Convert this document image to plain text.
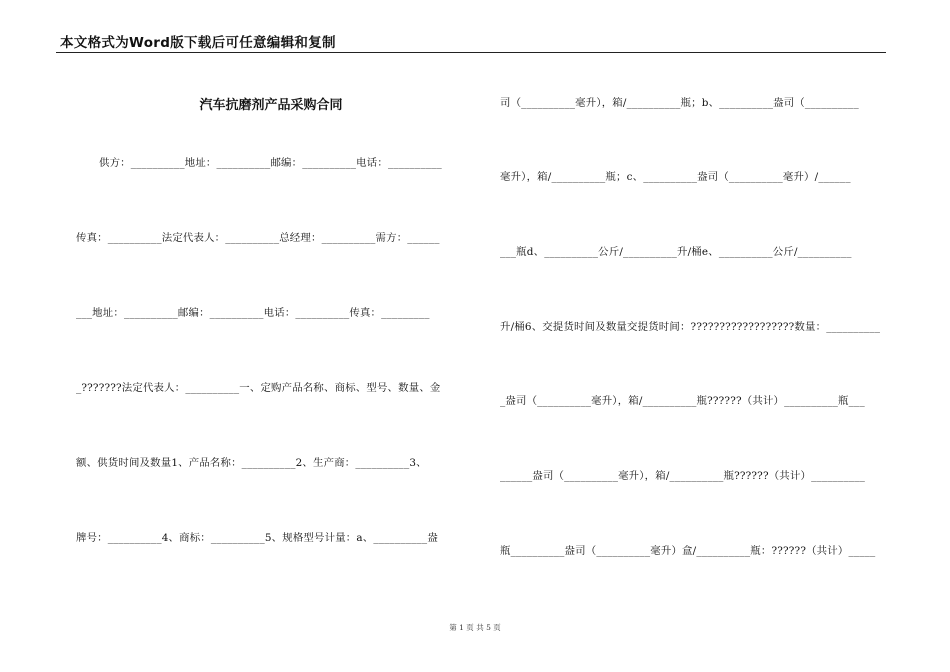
本文格式为Word版下载后可任意编辑和复制
汽车抗磨剂产品采购合同
供方：__________地址：__________邮编：__________电话：__________
传真：__________法定代表人：__________总经理：__________需方：______
___地址：__________邮编：__________电话：__________传真：_________
_???????法定代表人：__________一、定购产品名称、商标、型号、数量、金
额、供货时间及数量1、产品名称：__________2、生产商：__________3、
牌号：__________4、商标：__________5、规格型号计量：a、__________盎
司（__________毫升），箱/__________瓶；b、__________盎司（__________
毫升），箱/__________瓶；c、__________盎司（__________毫升）/______
___瓶d、__________公斤/__________升/桶e、__________公斤/__________
升/桶6、交提货时间及数量交提货时间：??????????????????数量：__________
_盎司（__________毫升），箱/__________瓶??????（共计）__________瓶___
______盎司（__________毫升），箱/__________瓶??????（共计）__________
瓶__________盎司（__________毫升）盒/__________瓶：??????（共计）_____
第 1 页 共 5 页
